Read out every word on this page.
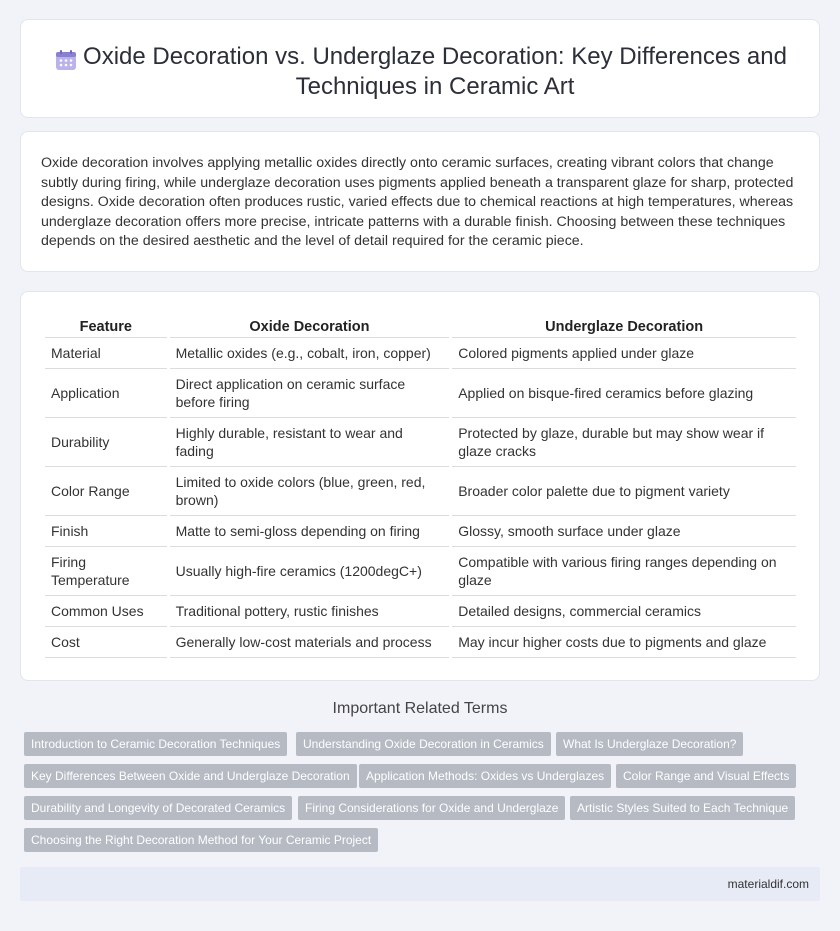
Oxide Decoration vs. Underglaze Decoration: Key Differences and Techniques in Ceramic Art

Oxide decoration involves applying metallic oxides directly onto ceramic surfaces, creating vibrant colors that change subtly during firing, while underglaze decoration uses pigments applied beneath a transparent glaze for sharp, protected designs. Oxide decoration often produces rustic, varied effects due to chemical reactions at high temperatures, whereas underglaze decoration offers more precise, intricate patterns with a durable finish. Choosing between these techniques depends on the desired aesthetic and the level of detail required for the ceramic piece.

Feature	Oxide Decoration	Underglaze Decoration
Material	Metallic oxides (e.g., cobalt, iron, copper)	Colored pigments applied under glaze
Application	Direct application on ceramic surface before firing	Applied on bisque-fired ceramics before glazing
Durability	Highly durable, resistant to wear and fading	Protected by glaze, durable but may show wear if glaze cracks
Color Range	Limited to oxide colors (blue, green, red, brown)	Broader color palette due to pigment variety
Finish	Matte to semi-gloss depending on firing	Glossy, smooth surface under glaze
Firing Temperature	Usually high-fire ceramics (1200degC+)	Compatible with various firing ranges depending on glaze
Common Uses	Traditional pottery, rustic finishes	Detailed designs, commercial ceramics
Cost	Generally low-cost materials and process	May incur higher costs due to pigments and glaze
Important Related Terms
Introduction to Ceramic Decoration Techniques	Understanding Oxide Decoration in Ceramics	What Is Underglaze Decoration?
Key Differences Between Oxide and Underglaze Decoration	Application Methods: Oxides vs Underglazes	Color Range and Visual Effects
Durability and Longevity of Decorated Ceramics	Firing Considerations for Oxide and Underglaze	Artistic Styles Suited to Each Technique
Choosing the Right Decoration Method for Your Ceramic Project
materialdif.com
